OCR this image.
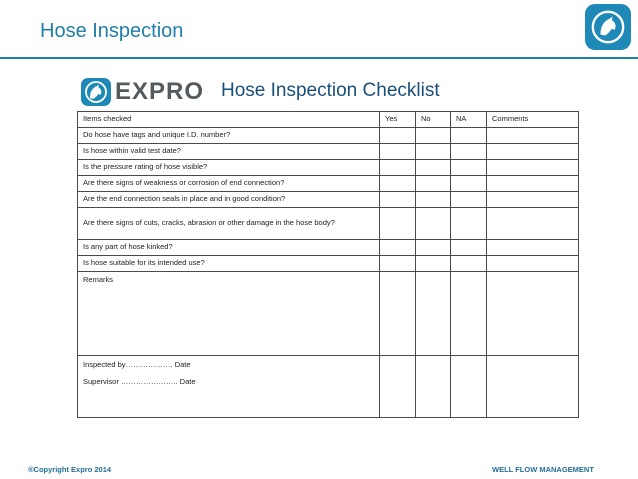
Hose Inspection
EXPRO Hose Inspection Checklist
Items checked	Yes	No	NA	Comments
Do hose have tags and unique I.D. number?				
Is hose within valid test date?				
Is the pressure rating of hose visible?				
Are there signs of weakness or corrosion of end connection?				
Are the end connection seals in place and in good condition?				
Are there signs of cuts, cracks, abrasion or other damage in the hose body?				
Is any part of hose kinked?				
Is hose suitable for its intended use?				
Remarks				

Inspected by………………. Date
Supervisor ………………….. Date				

®Copyright Expro 2014	WELL FLOW MANAGEMENT
